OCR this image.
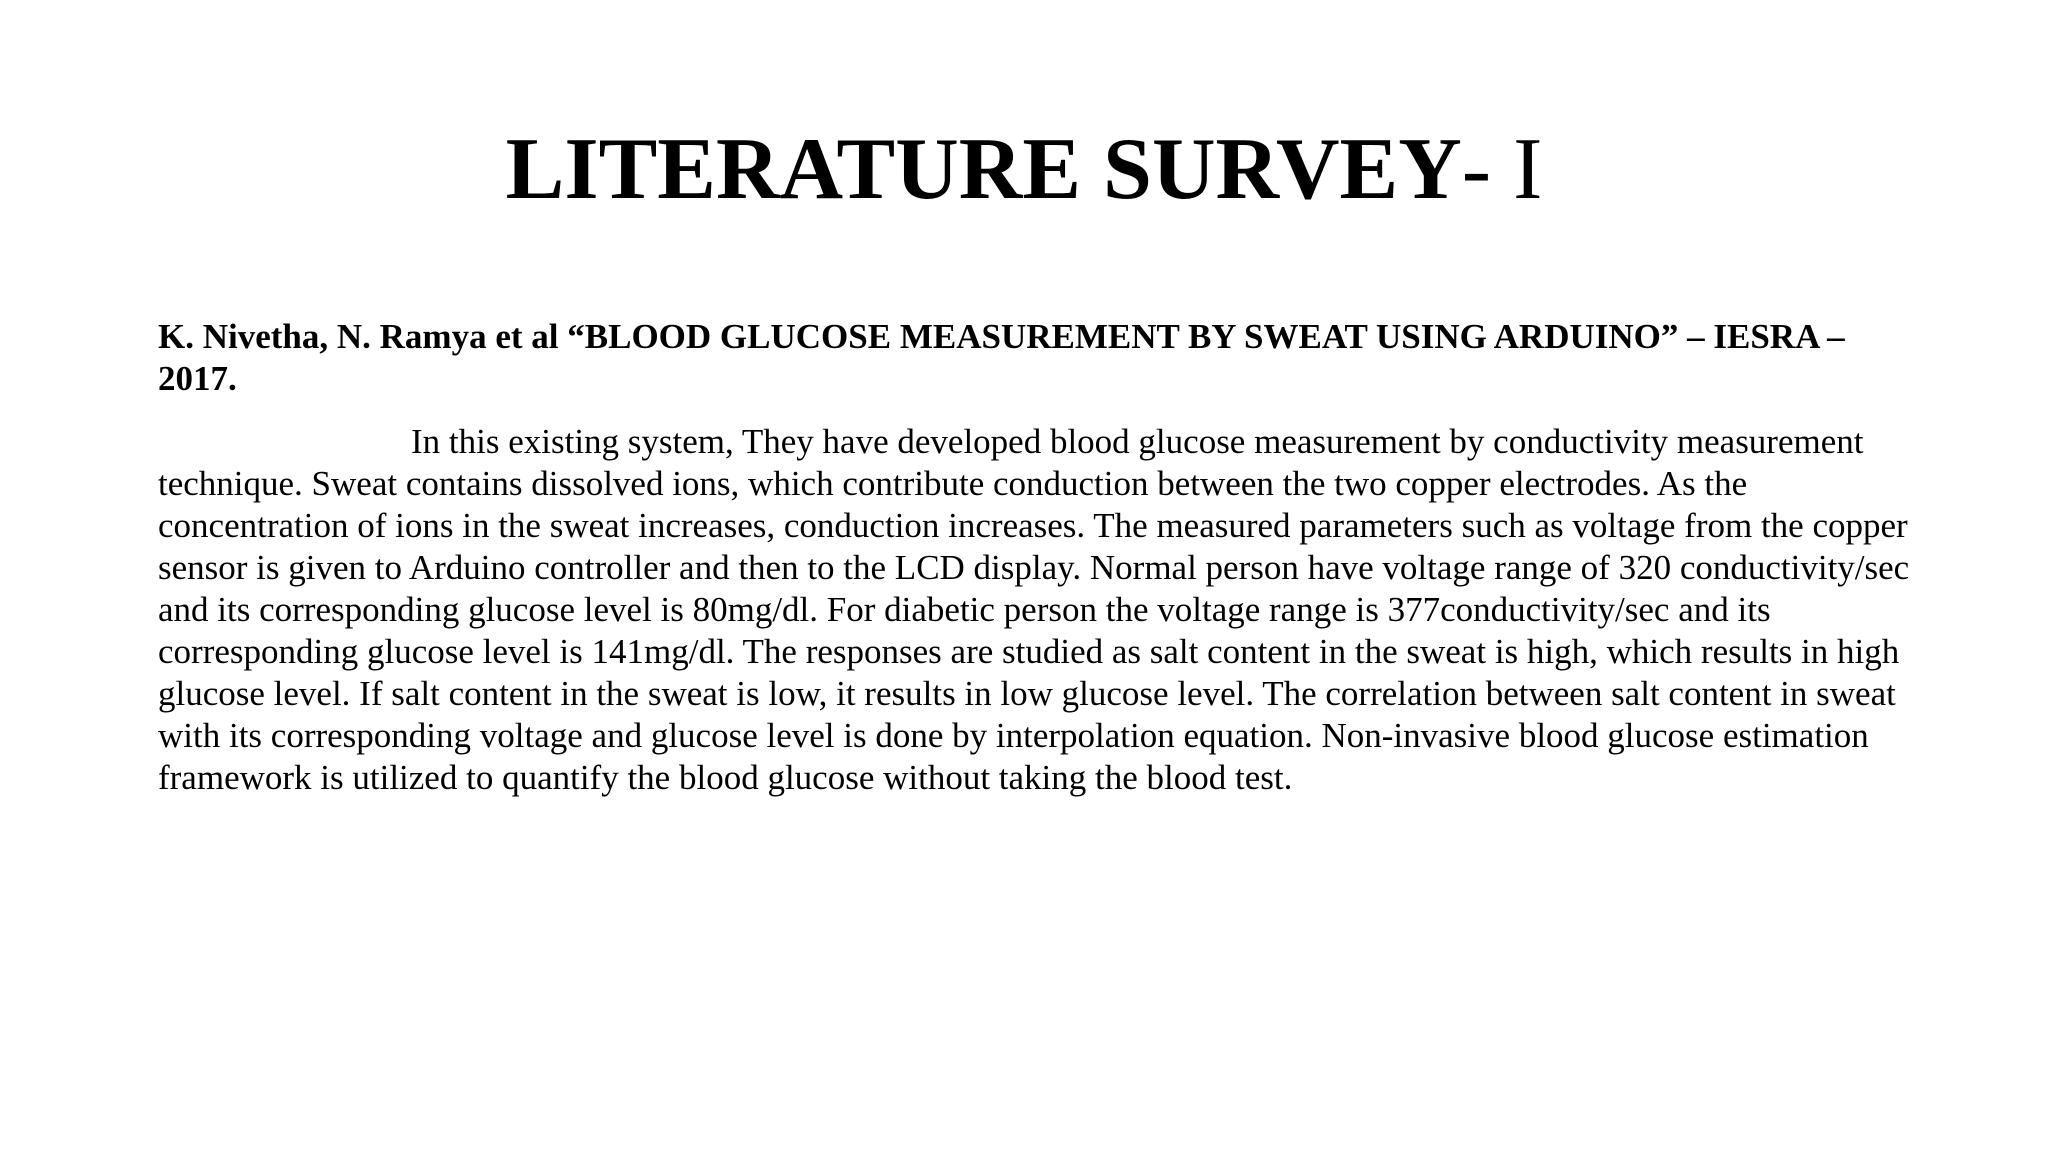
LITERATURE SURVEY- I
K. Nivetha, N. Ramya et al “BLOOD GLUCOSE MEASUREMENT BY SWEAT USING ARDUINO” – IESRA – 2017.
In this existing system, They have developed blood glucose measurement by conductivity measurement technique. Sweat contains dissolved ions, which contribute conduction between the two copper electrodes. As the concentration of ions in the sweat increases, conduction increases. The measured parameters such as voltage from the copper sensor is given to Arduino controller and then to the LCD display. Normal person have voltage range of 320 conductivity/sec and its corresponding glucose level is 80mg/dl. For diabetic person the voltage range is 377conductivity/sec and its corresponding glucose level is 141mg/dl. The responses are studied as salt content in the sweat is high, which results in high glucose level. If salt content in the sweat is low, it results in low glucose level. The correlation between salt content in sweat with its corresponding voltage and glucose level is done by interpolation equation. Non-invasive blood glucose estimation framework is utilized to quantify the blood glucose without taking the blood test.
